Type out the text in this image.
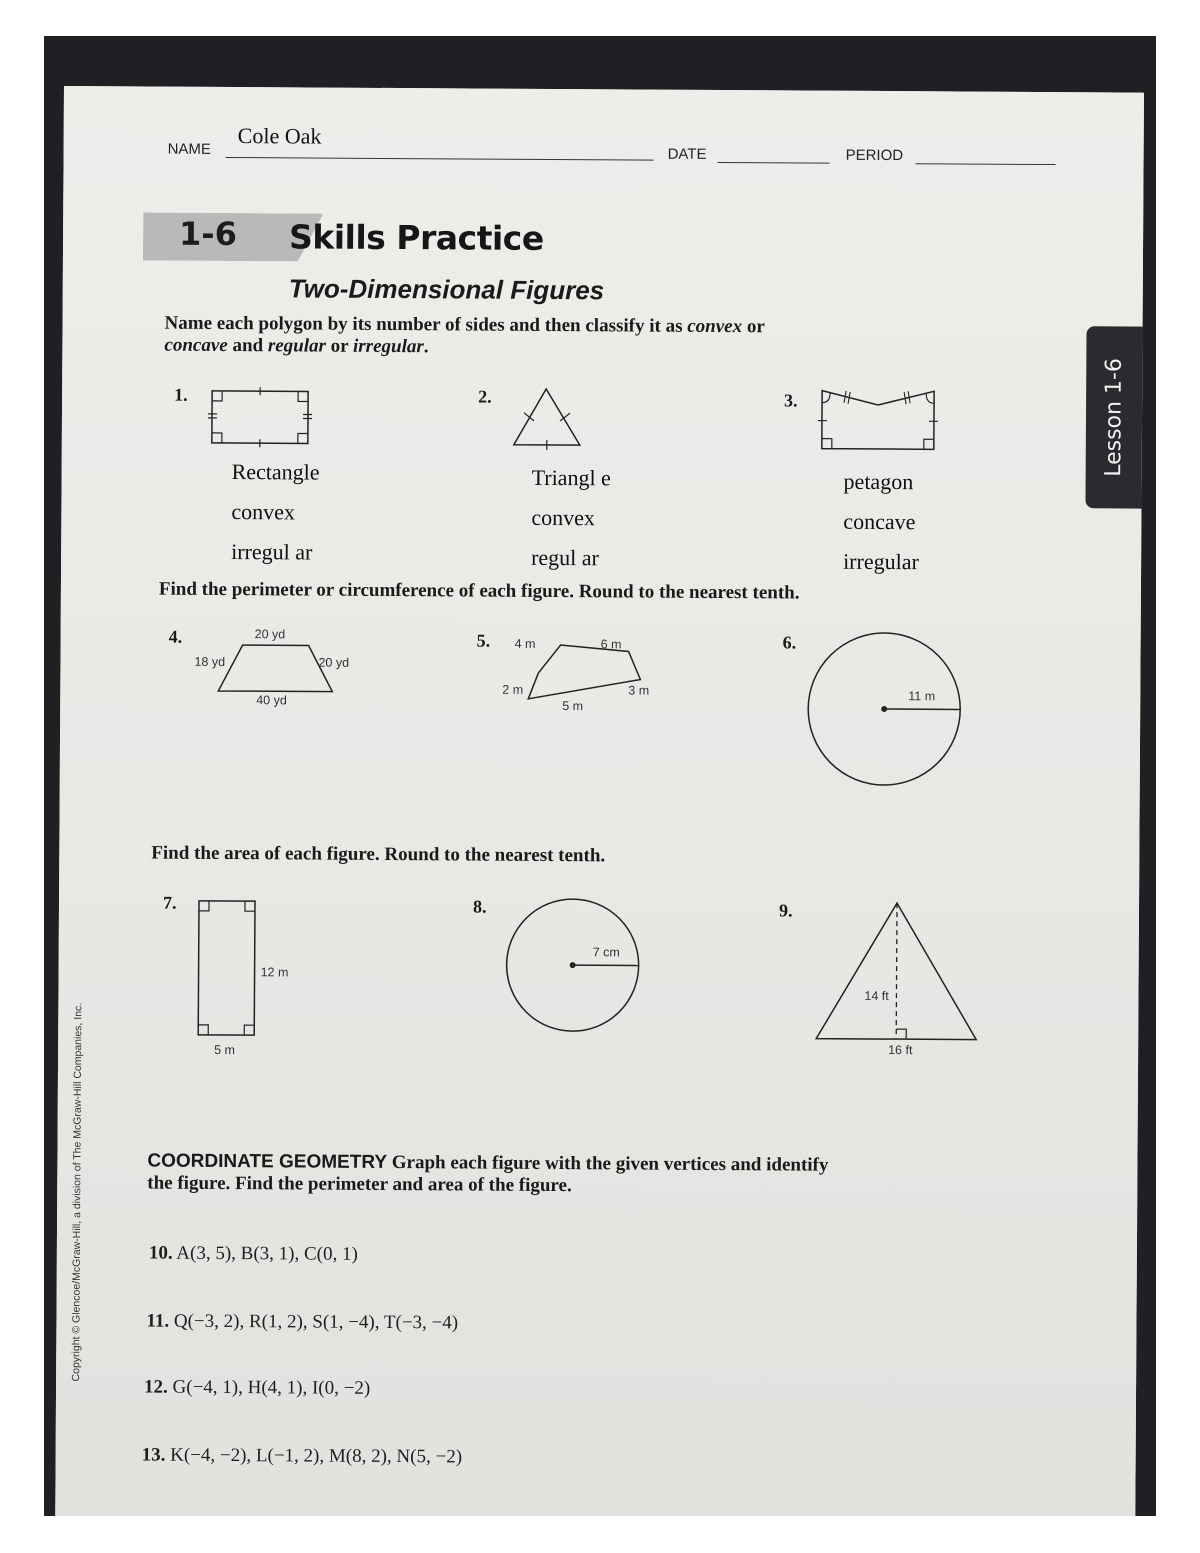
NAME
Cole Oak
DATE	PERIOD
1-6 Skills Practice
Two-Dimensional Figures
Name each polygon by its number of sides and then classify it as convex or
concave and regular or irregular.
1.
Rectangle
convex
irregul ar
2.
Triangl e
convex
regul ar
3.
petagon
concave
irregular
Find the perimeter or circumference of each figure. Round to the nearest tenth.
4.	20 yd
18 yd	20 yd
40 yd
5. 4 m	6 m
2 m	3 m
5 m
6.
11 m
Find the area of each figure. Round to the nearest tenth.
7.
12 m
5 m
8.
7 cm
9.
14 ft
16 ft
COORDINATE GEOMETRY Graph each figure with the given vertices and identify
the figure. Find the perimeter and area of the figure.
10. A(3, 5), B(3, 1), C(0, 1)
11. Q(−3, 2), R(1, 2), S(1, −4), T(−3, −4)
12. G(−4, 1), H(4, 1), I(0, −2)
13. K(−4, −2), L(−1, 2), M(8, 2), N(5, −2)
Lesson 1-6
Copyright © Glencoe/McGraw-Hill, a division of The McGraw-Hill Companies, Inc.
